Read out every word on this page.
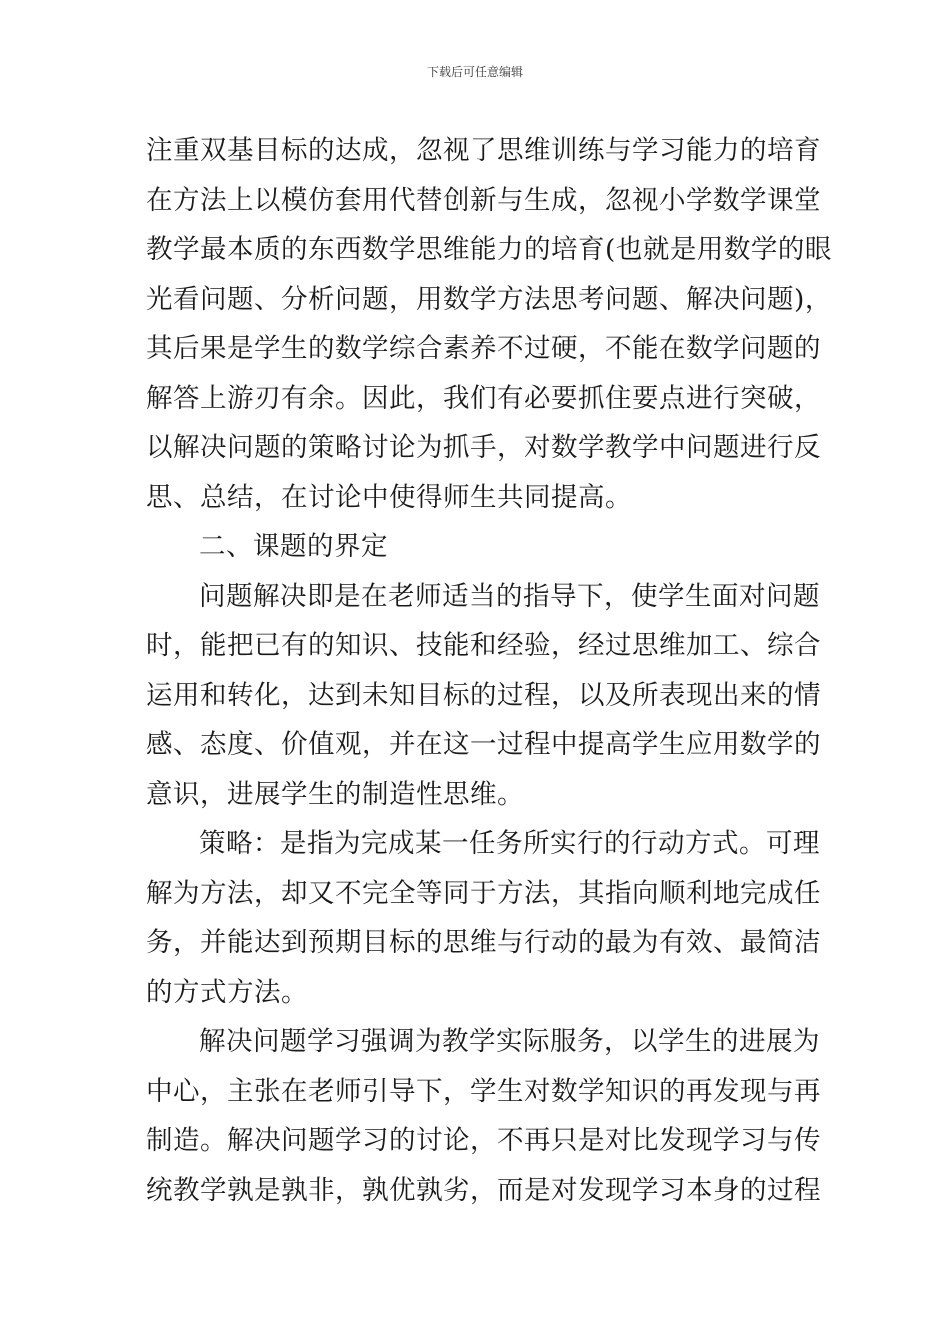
下载后可任意编辑
注重双基目标的达成，忽视了思维训练与学习能力的培育
在方法上以模仿套用代替创新与生成，忽视小学数学课堂
教学最本质的东西数学思维能力的培育(也就是用数学的眼
光看问题、分析问题，用数学方法思考问题、解决问题)，
其后果是学生的数学综合素养不过硬，不能在数学问题的
解答上游刃有余。因此，我们有必要抓住要点进行突破，
以解决问题的策略讨论为抓手，对数学教学中问题进行反
思、总结，在讨论中使得师生共同提高。
二、课题的界定
问题解决即是在老师适当的指导下，使学生面对问题
时，能把已有的知识、技能和经验，经过思维加工、综合
运用和转化，达到未知目标的过程，以及所表现出来的情
感、态度、价值观，并在这一过程中提高学生应用数学的
意识，进展学生的制造性思维。
策略：是指为完成某一任务所实行的行动方式。可理
解为方法，却又不完全等同于方法，其指向顺利地完成任
务，并能达到预期目标的思维与行动的最为有效、最简洁
的方式方法。
解决问题学习强调为教学实际服务，以学生的进展为
中心，主张在老师引导下，学生对数学知识的再发现与再
制造。解决问题学习的讨论，不再只是对比发现学习与传
统教学孰是孰非，孰优孰劣，而是对发现学习本身的过程
